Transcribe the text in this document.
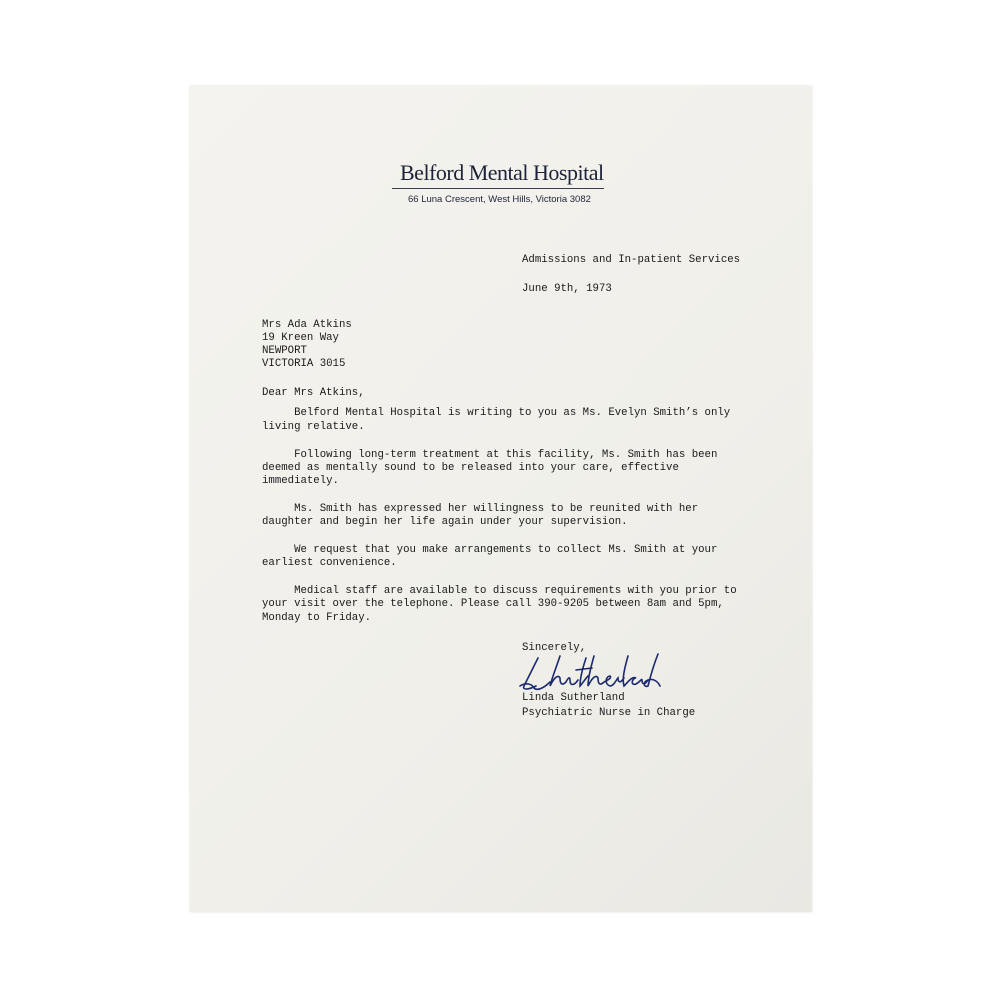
Belford Mental Hospital
66 Luna Crescent, West Hills, Victoria 3082
Admissions and In-patient Services
June 9th, 1973
Mrs Ada Atkins
19 Kreen Way
NEWPORT
VICTORIA 3015
Dear Mrs Atkins,
Belford Mental Hospital is writing to you as Ms. Evelyn Smith’s only
living relative.
Following long-term treatment at this facility, Ms. Smith has been
deemed as mentally sound to be released into your care, effective
immediately.
Ms. Smith has expressed her willingness to be reunited with her
daughter and begin her life again under your supervision.
We request that you make arrangements to collect Ms. Smith at your
earliest convenience.
Medical staff are available to discuss requirements with you prior to
your visit over the telephone. Please call 390-9205 between 8am and 5pm,
Monday to Friday.
Sincerely,
Linda Sutherland
Psychiatric Nurse in Charge
